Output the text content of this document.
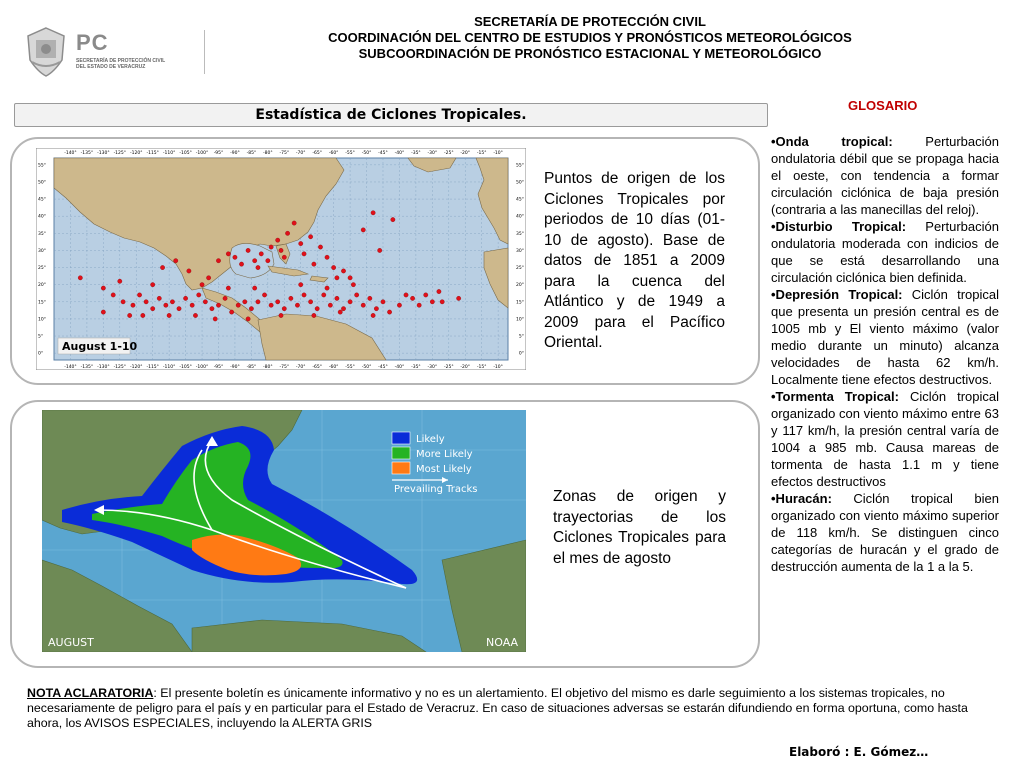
PC
SECRETARÍA DE PROTECCIÓN CIVIL DEL ESTADO DE VERACRUZ
SECRETARÍA DE PROTECCIÓN CIVIL
COORDINACIÓN DEL CENTRO DE ESTUDIOS Y PRONÓSTICOS METEOROLÓGICOS
SUBCOORDINACIÓN DE PRONÓSTICO ESTACIONAL Y METEOROLÓGICO
Estadística de Ciclones Tropicales.
-140°
-140°
-135°
-135°
-130°
-130°
-125°
-125°
-120°
-120°
-115°
-115°
-110°
-110°
-105°
-105°
-100°
-100°
-95°
-95°
-90°
-90°
-85°
-85°
-80°
-80°
-75°
-75°
-70°
-70°
-65°
-65°
-60°
-60°
-55°
-55°
-50°
-50°
-45°
-45°
-40°
-40°
-35°
-35°
-30°
-30°
-25°
-25°
-20°
-20°
-15°
-15°
-10°
-10°
55°	55°
50°	50°
45°	45°
40°	40°
35°	35°
30°	30°
25°	25°
20°	20°
15°	15°
10°	10°
5°	5°
0°	0°
August 1-10
Puntos de origen de los Ciclones Tropicales por periodos de 10 días (01-10 de agosto). Base de datos de 1851 a 2009 para la cuenca del Atlántico y de 1949 a 2009 para el Pacífico Oriental.
Likely
More Likely
Most Likely
Prevailing Tracks
AUGUST	NOAA
Zonas de origen y trayectorias de los Ciclones Tropicales para el mes de agosto
GLOSARIO
•Onda tropical: Perturbación ondulatoria débil que se propaga hacia el oeste, con tendencia a formar circulación ciclónica de baja presión (contraria a las manecillas del reloj).
•Disturbio Tropical: Perturbación ondulatoria moderada con indicios de que se está desarrollando una circulación ciclónica bien definida.
•Depresión Tropical: Ciclón tropical que presenta un presión central es de 1005 mb y El viento máximo (valor medio durante un minuto) alcanza velocidades de hasta 62 km/h. Localmente tiene efectos destructivos.
•Tormenta Tropical: Ciclón tropical organizado con viento máximo entre 63 y 117 km/h, la presión central varía de 1004 a 985 mb. Causa mareas de tormenta de hasta 1.1 m y tiene efectos destructivos
•Huracán: Ciclón tropical bien organizado con viento máximo superior de 118 km/h. Se distinguen cinco categorías de huracán y el grado de destrucción aumenta de la 1 a la 5.
NOTA ACLARATORIA: El presente boletín es únicamente informativo y no es un alertamiento. El objetivo del mismo es darle seguimiento a los sistemas tropicales, no necesariamente de peligro para el país y en particular para el Estado de Veracruz. En caso de situaciones adversas se estarán difundiendo en forma oportuna, como hasta ahora, los AVISOS ESPECIALES, incluyendo la ALERTA GRIS
Elaboró : E. Gómez…
